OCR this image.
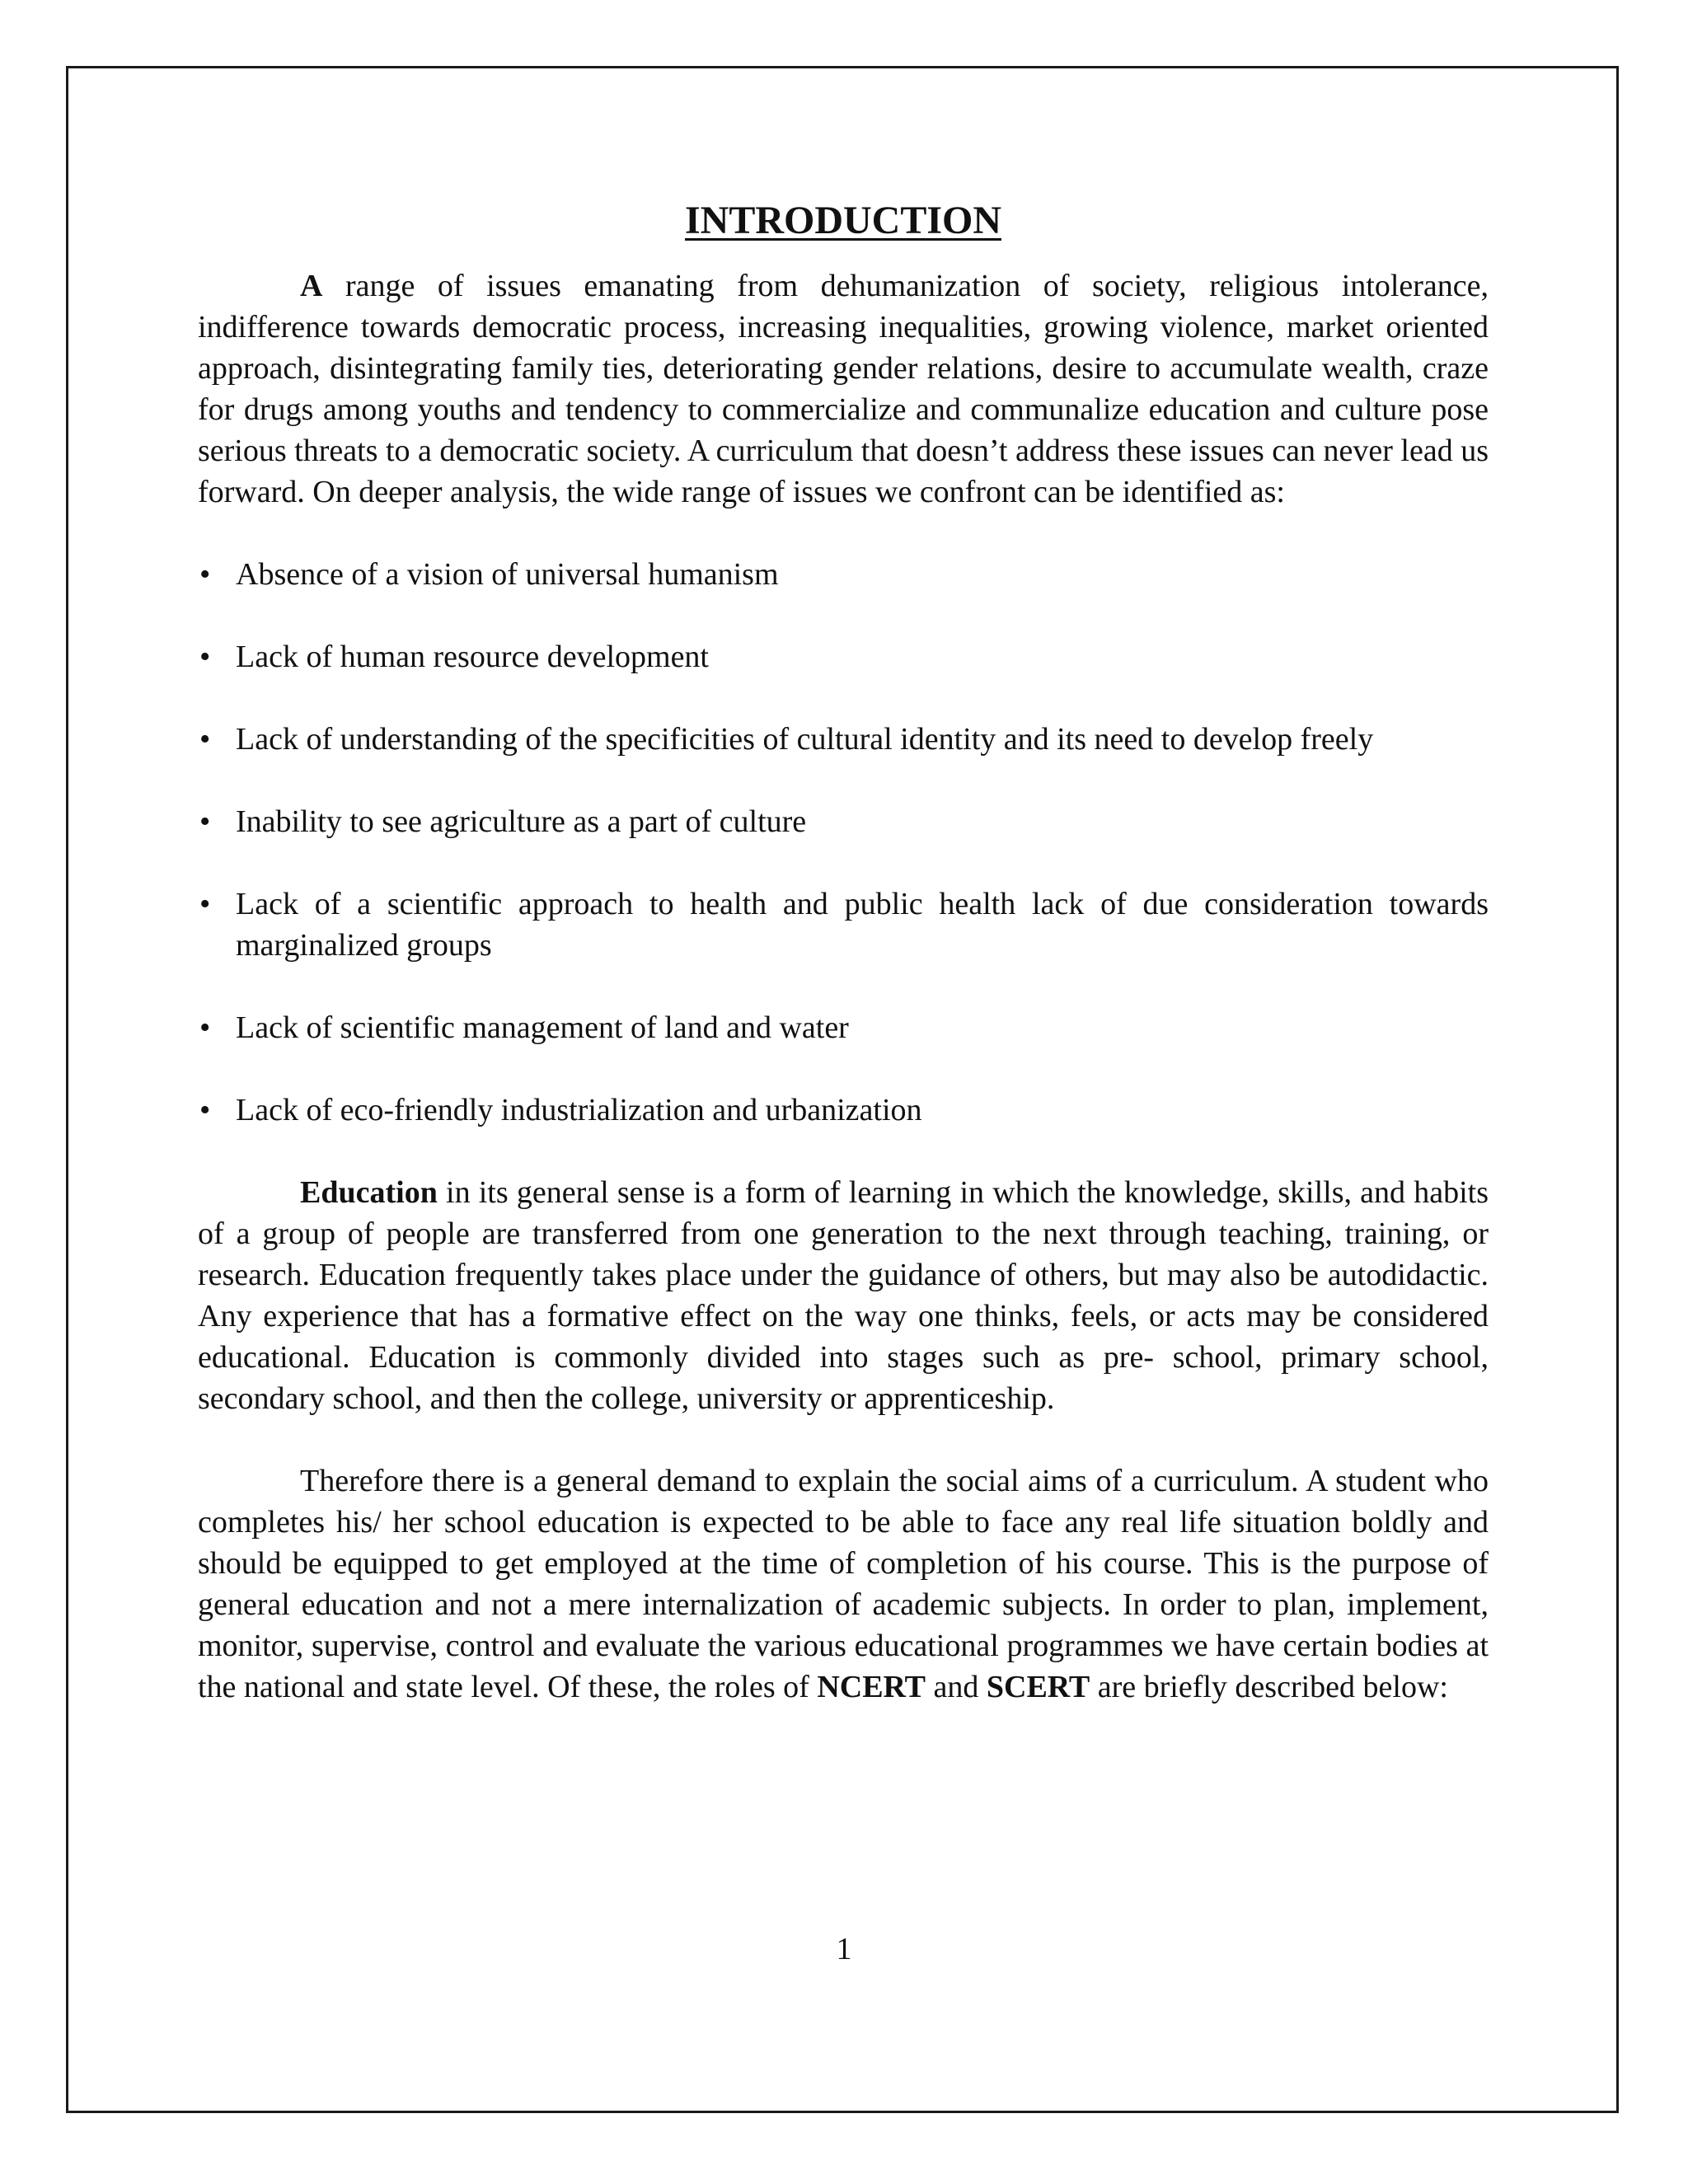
INTRODUCTION

A range of issues emanating from dehumanization of society, religious intolerance, indifference towards democratic process, increasing inequalities, growing violence, market oriented approach, disintegrating family ties, deteriorating gender relations, desire to accumulate wealth, craze for drugs among youths and tendency to commercialize and communalize education and culture pose serious threats to a democratic society. A curriculum that doesn’t address these issues can never lead us forward. On deeper analysis, the wide range of issues we confront can be identified as:

• Absence of a vision of universal humanism
• Lack of human resource development
• Lack of understanding of the specificities of cultural identity and its need to develop freely
• Inability to see agriculture as a part of culture
• Lack of a scientific approach to health and public health lack of due consideration towards marginalized groups
• Lack of scientific management of land and water
• Lack of eco-friendly industrialization and urbanization

Education in its general sense is a form of learning in which the knowledge, skills, and habits of a group of people are transferred from one generation to the next through teaching, training, or research. Education frequently takes place under the guidance of others, but may also be autodidactic. Any experience that has a formative effect on the way one thinks, feels, or acts may be considered educational. Education is commonly divided into stages such as pre- school, primary school, secondary school, and then the college, university or apprenticeship.

Therefore there is a general demand to explain the social aims of a curriculum. A student who completes his/ her school education is expected to be able to face any real life situation boldly and should be equipped to get employed at the time of completion of his course. This is the purpose of general education and not a mere internalization of academic subjects. In order to plan, implement, monitor, supervise, control and evaluate the various educational programmes we have certain bodies at the national and state level. Of these, the roles of NCERT and SCERT are briefly described below:

1
